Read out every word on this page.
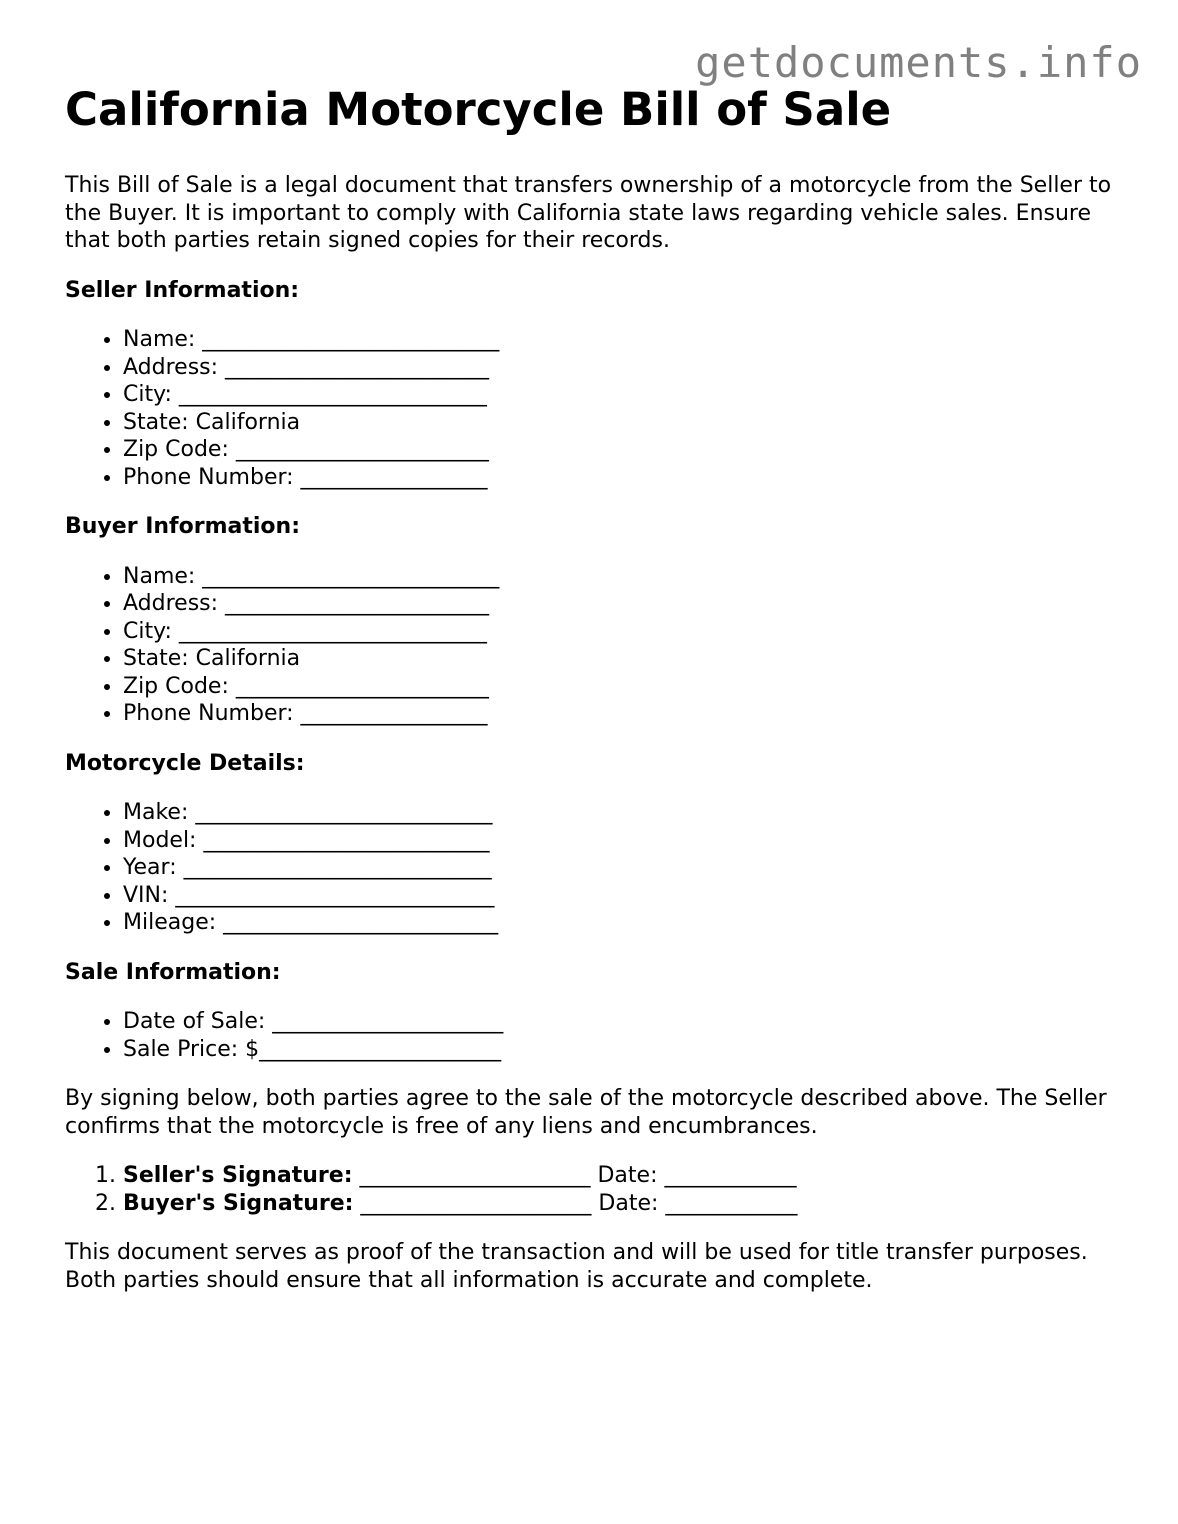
getdocuments.info
California Motorcycle Bill of Sale

This Bill of Sale is a legal document that transfers ownership of a motorcycle from the Seller to the Buyer. It is important to comply with California state laws regarding vehicle sales. Ensure that both parties retain signed copies for their records.

Seller Information:
• Name: ___________________________
• Address: ________________________
• City: ____________________________
• State: California
• Zip Code: _______________________
• Phone Number: _________________
Buyer Information:
• Name: ___________________________
• Address: ________________________
• City: ____________________________
• State: California
• Zip Code: _______________________
• Phone Number: _________________
Motorcycle Details:
• Make: ___________________________
• Model: __________________________
• Year: ____________________________
• VIN: _____________________________
• Mileage: _________________________
Sale Information:
• Date of Sale: _____________________
• Sale Price: $______________________

By signing below, both parties agree to the sale of the motorcycle described above. The Seller confirms that the motorcycle is free of any liens and encumbrances.

1. Seller's Signature: _____________________ Date: ____________
2. Buyer's Signature: _____________________ Date: ____________

This document serves as proof of the transaction and will be used for title transfer purposes. Both parties should ensure that all information is accurate and complete.
